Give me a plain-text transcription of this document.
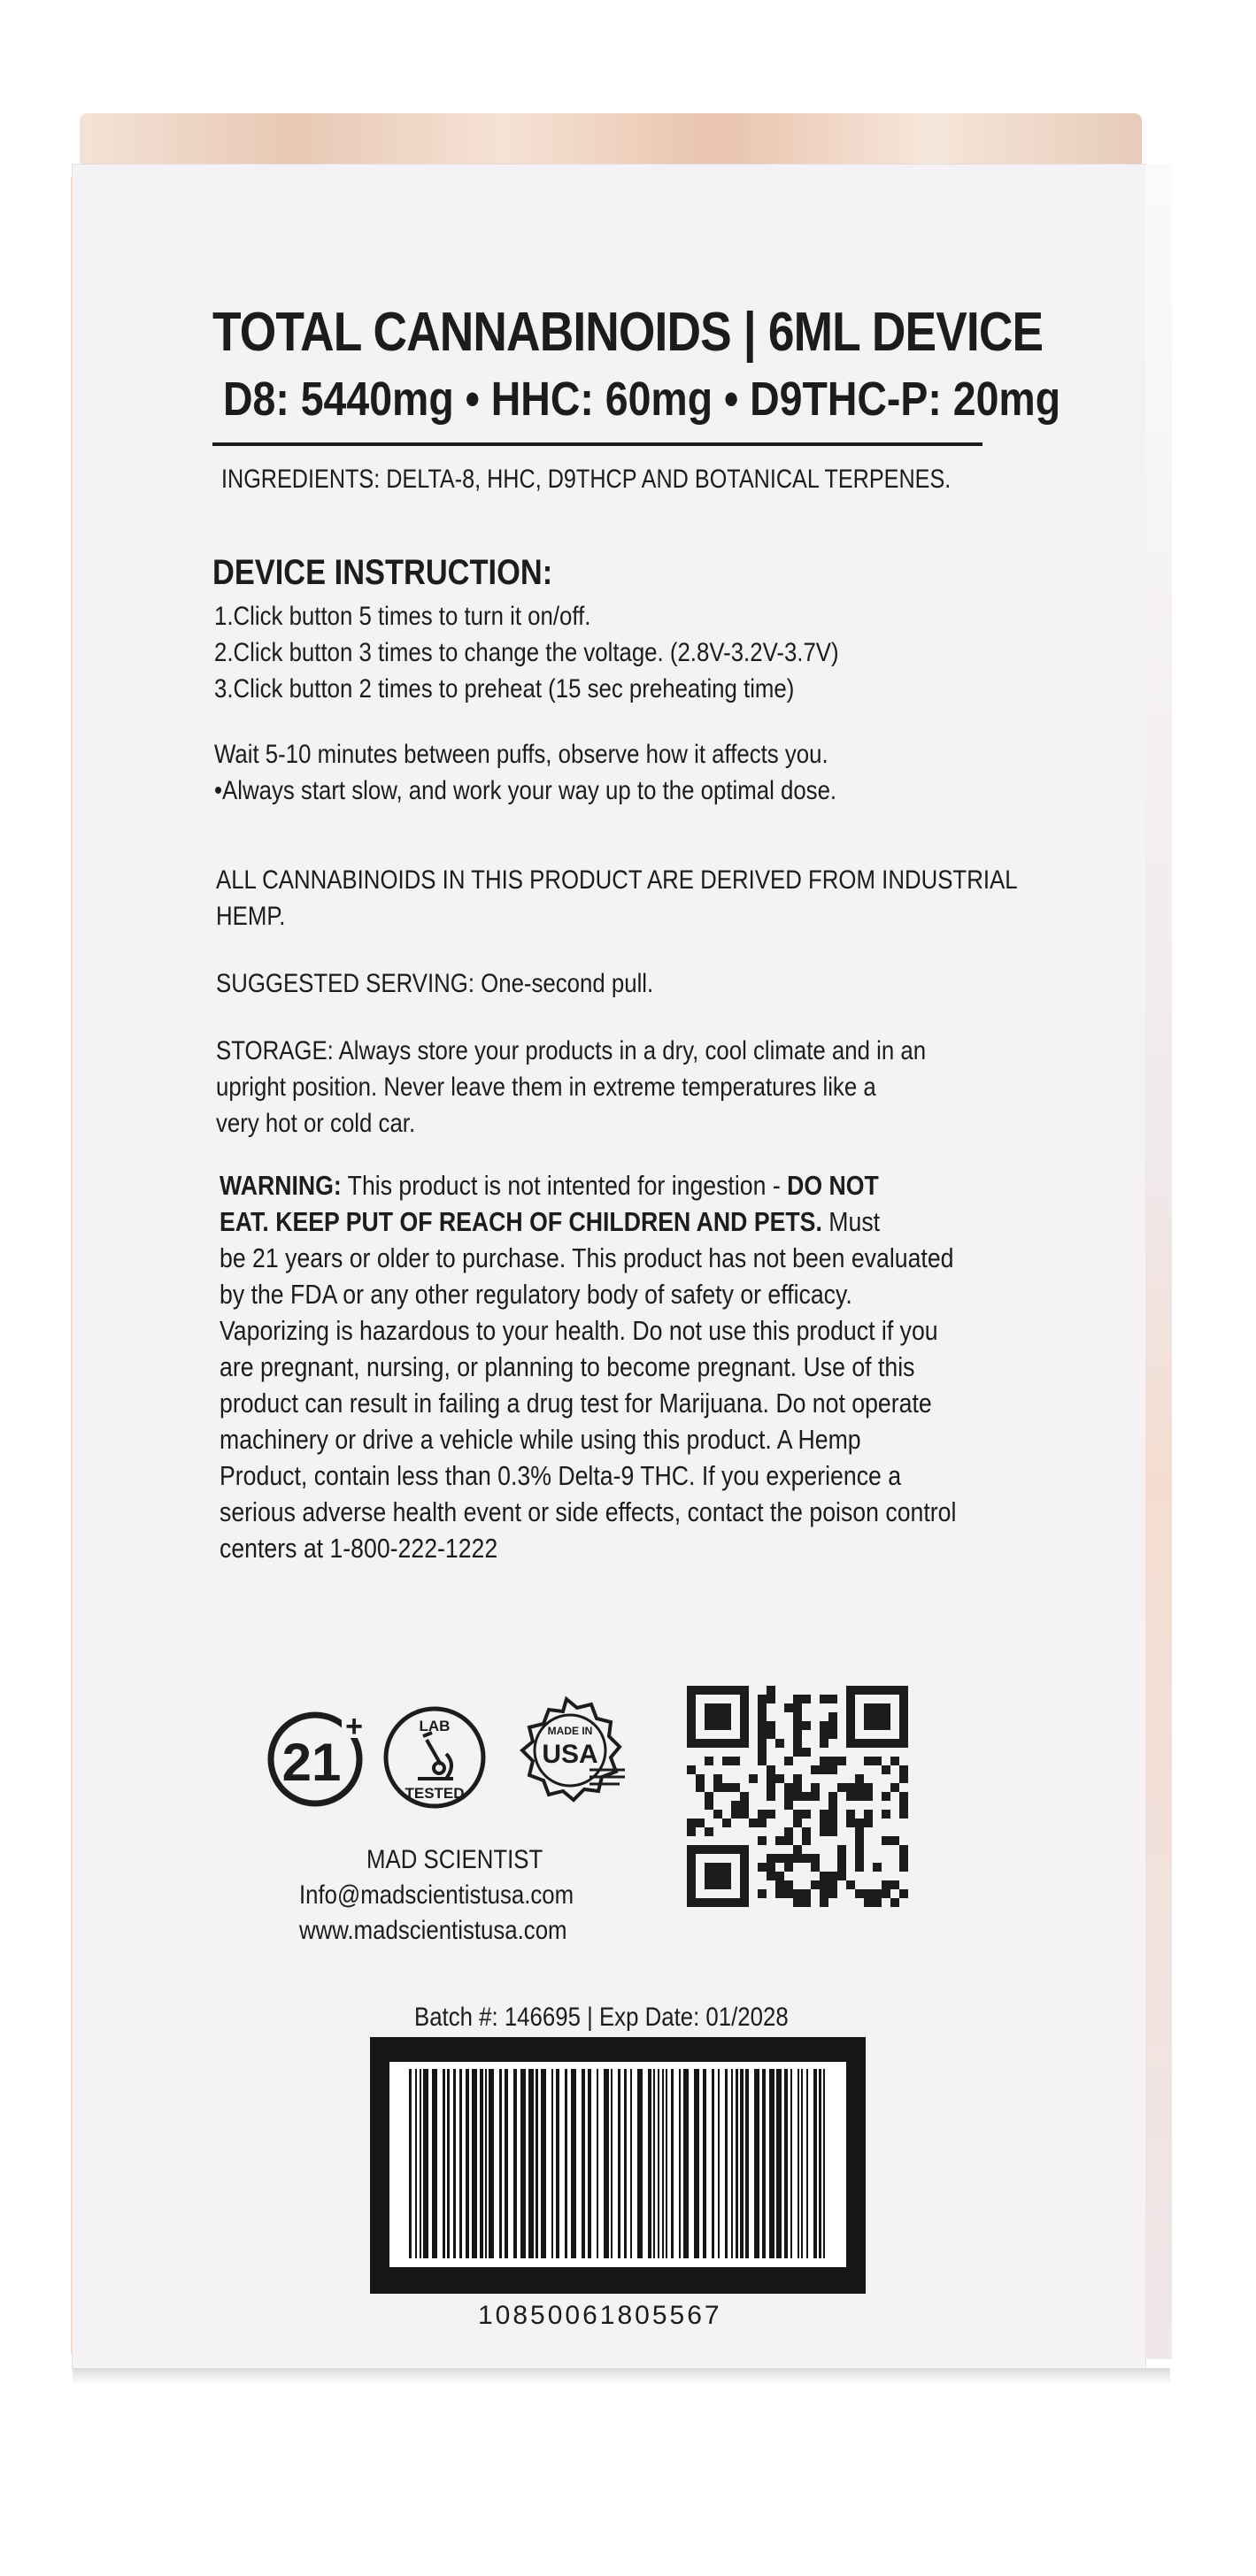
TOTAL CANNABINOIDS | 6ML DEVICE
D8: 5440mg • HHC: 60mg • D9THC-P: 20mg
INGREDIENTS: DELTA-8, HHC, D9THCP AND BOTANICAL TERPENES.
DEVICE INSTRUCTION:
1.Click button 5 times to turn it on/off.
2.Click button 3 times to change the voltage. (2.8V-3.2V-3.7V)
3.Click button 2 times to preheat (15 sec preheating time)
Wait 5-10 minutes between puffs, observe how it affects you.
•Always start slow, and work your way up to the optimal dose.
ALL CANNABINOIDS IN THIS PRODUCT ARE DERIVED FROM INDUSTRIAL
HEMP.
SUGGESTED SERVING: One-second pull.
STORAGE: Always store your products in a dry, cool climate and in an
upright position. Never leave them in extreme temperatures like a
very hot or cold car.
WARNING: This product is not intented for ingestion - DO NOT
EAT. KEEP PUT OF REACH OF CHILDREN AND PETS. Must
be 21 years or older to purchase. This product has not been evaluated
by the FDA or any other regulatory body of safety or efficacy.
Vaporizing is hazardous to your health. Do not use this product if you
are pregnant, nursing, or planning to become pregnant. Use of this
product can result in failing a drug test for Marijuana. Do not operate
machinery or drive a vehicle while using this product. A Hemp
Product, contain less than 0.3% Delta-9 THC. If you experience a
serious adverse health event or side effects, contact the poison control
centers at 1-800-222-1222
21
+	LAB
TESTED
MADE IN
USA
MAD SCIENTIST
Info@madscientistusa.com
www.madscientistusa.com
Batch #: 146695 | Exp Date: 01/2028
10850061805567
